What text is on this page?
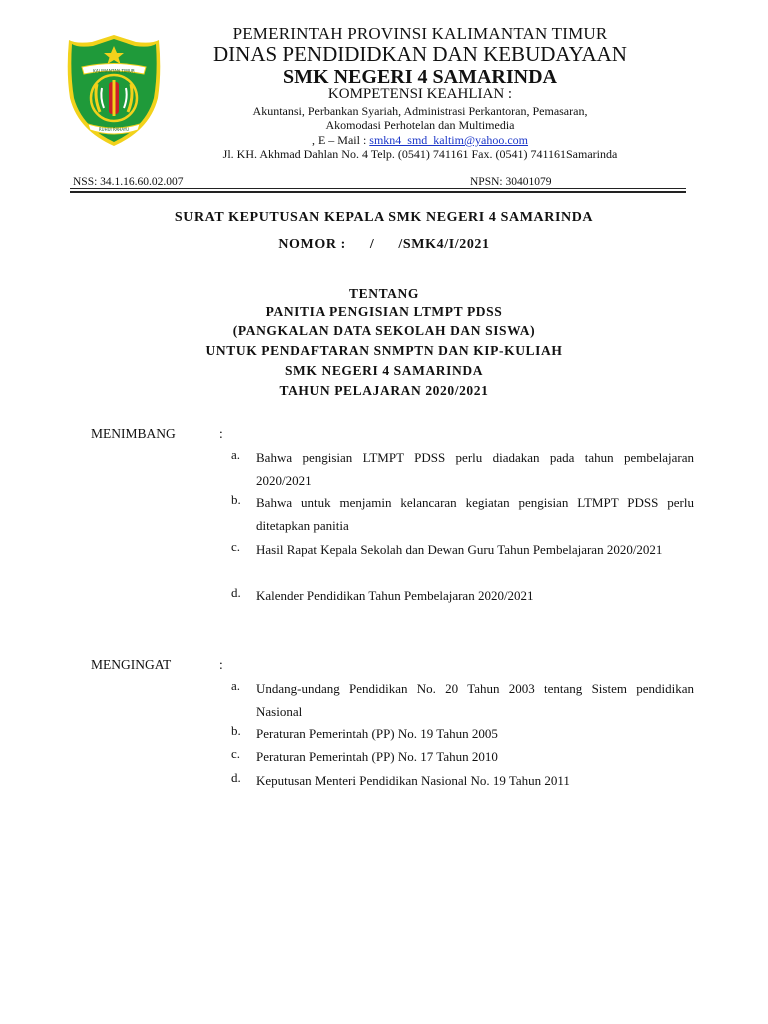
KALIMANTAN TIMUR
RUHUI RAHAYU
PEMERINTAH PROVINSI KALIMANTAN TIMUR
DINAS PENDIDIDKAN DAN KEBUDAYAAN
SMK NEGERI 4 SAMARINDA
KOMPETENSI KEAHLIAN :
Akuntansi, Perbankan Syariah, Administrasi Perkantoran, Pemasaran,
Akomodasi Perhotelan dan Multimedia
, E – Mail : smkn4_smd_kaltim@yahoo.com
Jl. KH. Akhmad Dahlan No. 4 Telp. (0541) 741161 Fax. (0541) 741161Samarinda
NSS: 34.1.16.60.02.007	NPSN: 30401079
SURAT KEPUTUSAN KEPALA SMK NEGERI 4 SAMARINDA
NOMOR : / /SMK4/I/2021
TENTANG
PANITIA PENGISIAN LTMPT PDSS
(PANGKALAN DATA SEKOLAH DAN SISWA)
UNTUK PENDAFTARAN SNMPTN DAN KIP-KULIAH
SMK NEGERI 4 SAMARINDA
TAHUN PELAJARAN 2020/2021
MENIMBANG	:
a. Bahwa pengisian LTMPT PDSS perlu diadakan pada tahun pembelajaran 2020/2021
b. Bahwa untuk menjamin kelancaran kegiatan pengisian LTMPT PDSS perlu ditetapkan panitia
c. Hasil Rapat Kepala Sekolah dan Dewan Guru Tahun Pembelajaran 2020/2021
d. Kalender Pendidikan Tahun Pembelajaran 2020/2021
MENGINGAT	:
a. Undang-undang Pendidikan No. 20 Tahun 2003 tentang Sistem pendidikan Nasional
b. Peraturan Pemerintah (PP) No. 19 Tahun 2005
c. Peraturan Pemerintah (PP) No. 17 Tahun 2010
d. Keputusan Menteri Pendidikan Nasional No. 19 Tahun 2011
